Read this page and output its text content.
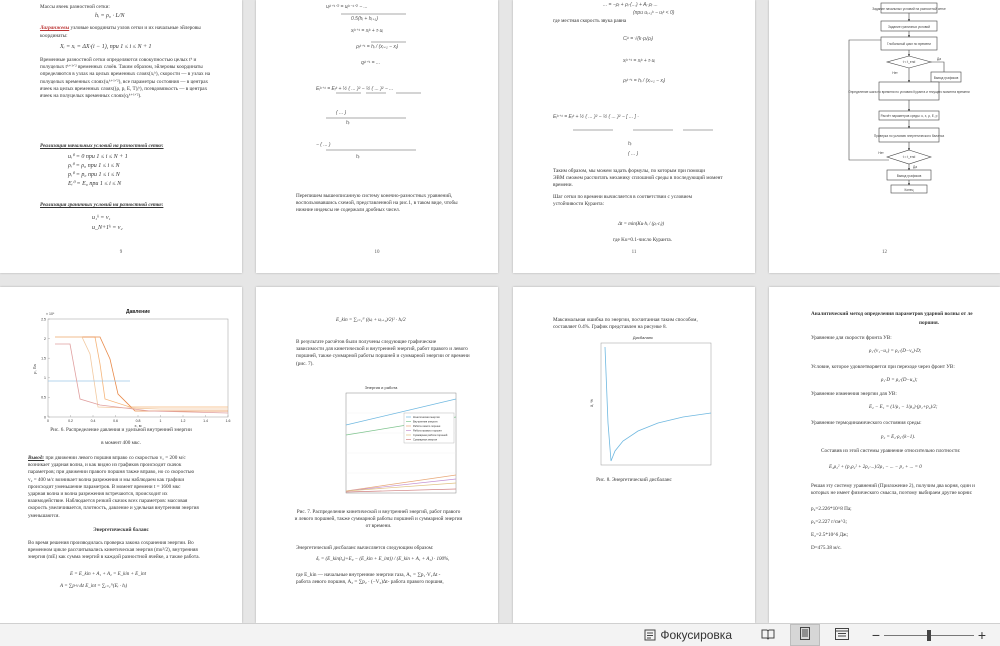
Массы ячеек разностной сетки:
hᵢ = ρ₀ · L/N
Лагранжевы узловые координаты узлов сетки и их начальные эйлеровы
координаты:
Xᵢ = xᵢ = ΔX·(i − 1), при 1 ≤ i ≤ N + 1
Временные разностной сетки определяются совокупностью целых tᵏ и
полуцелых tᵏ⁺¹ᐟ² временных слоёв. Таким образом, эйлеровы координаты
определяются в узлах на целых временных слоях(xᵢᵏ), скорости — в узлах на
полуцелых временных слоях(uᵢᵏ⁺¹ᐟ²), все параметры состояния — в центрах
ячеек на целых временных слоях((ρ, p, E, T)ᵢᵏ), псевдовязкость — в центрах
ячеек на полуцелых временных слоях(qᵢᵏ⁺¹ᐟ²).
Реализация начальных условий на разностной сетке:
uᵢ⁰ = 0 при 1 ≤ i ≤ N + 1
ρᵢ⁰ = ρ₀ при 1 ≤ i ≤ N
pᵢ⁰ = p₀ при 1 ≤ i ≤ N
Eᵢ⁰ = E₀ при 1 ≤ i ≤ N
Реализация граничных условий на разностной сетке:
u₁ᵏ = v₁
u_N+1ᵏ = v₂
9
uᵢᵏ⁺¹ᐟ² = uᵢᵏ⁻¹ᐟ² − ...
0.5(hᵢ + hᵢ₊₁)
xᵢᵏ⁺¹ = xᵢᵏ + τ·uᵢ
ρᵢᵏ⁺¹ = hᵢ / (xᵢ₊₁ − xᵢ)
qᵢᵏ⁺¹ = ...
Eᵢᵏ⁺¹ = Eᵢᵏ + ½ ( ... )² − ½ ( ... )² − ...
( ... )
hᵢ
− ( ... )
hᵢ
Перепишем вышеописанную систему конечно-разностных уравнений,
воспользовавшись схемой, представленной на рис.1, в таком виде, чтобы
нижние индексы не содержали дробных чисел.
10
... = −ρᵢ + ρᵢ·(...) + Aᵢ·ρᵢ ...
(при uᵢ₊₁ᵏ − uᵢᵏ < 0)
Cᵢᵏ = √(k·pᵢ/ρᵢ)
xᵢᵏ⁺¹ = xᵢᵏ + τ·uᵢ
ρᵢᵏ⁺¹ = hᵢ / (xᵢ₊₁ − xᵢ)
Eᵢᵏ⁺¹ = Eᵢᵏ + ½ ( ... )² − ½ ( ... )² − [ ... ] ·
hᵢ
( ... )
где местная скорость звука равна
Таким образом, мы можем задать формулы, по которым при помощи
ЭВМ сможем рассчитать механику сплошной среды в последующий момент
времени.
Шаг сетки по времени вычисляется в соответствии с условием
устойчивости Куранта:
Δt = min(Ku·hᵢ / (ρᵢ·cᵢ))
где Ku=0.1-число Куранта.
11
Задание начальных условий на разностной сетке
Задание граничных условий
Глобальный цикл по времени
t < t_end
Вывод графиков
Определение шага по времени по условию Куранта и текущего момента времени
Расчёт параметров среды: u, x, ρ, E, p
Проверка по условию энергетического баланса
t = t_end
Вывод графиков
Конец
Да
Нет
Нет
Да
12
Давление
× 10⁸
2.5
2
1.5
1
0.5
0
0	0.2	0.4	0.6	0.8	1	1.2	1.4	1.6
x, м
p, Па
Рис. 6. Распределение давления и удельной внутренней энергии
в момент 400 мкс.
Вывод: при движении левого поршня вправо со скоростью v₁ = 200 м/с
возникает ударная волна, и как видно из графиков происходит скачок
параметров; при движении правого поршня также вправо, но со скоростью
v₂ = 400 м/с возникает волна разрежения и мы наблюдаем как графики
происходит уменьшение параметров. В момент времени t = 1600 мкс
ударная волна и волна разрежения встречаются, происходит их
взаимодействие. Наблюдается резкий скачок всех параметров: массовая
скорость увеличивается, плотность, давление и удельная внутренняя энергия
уменьшаются.
Энергетический баланс
Во время решения производилась проверка закона сохранения энергии. Во
временном цикле рассчитывались кинетическая энергия (mu²/2), внутренняя
энергия (mE) как сумма энергий в каждой разностной ячейке, а также работа.
E = E_kin + A₁ + A₂ = E_kin + E_int
A = ∑p·v·Δt E_int = ∑ᵢ₌₁ᴺ(Eᵢ · hᵢ)
E_kin = ∑ᵢ₌₁ᴺ ((uᵢ + uᵢ₊₁)/2)² · hᵢ/2
В результате расчётов были получены следующие графические
зависимости для кинетической и внутренней энергий, работ правого и левого
поршней, также суммарной работы поршней и суммарной энергии от времени
(рис. 7).
Энергия и работа
Кинетическая энергия
Внутренняя энергия
Работа левого поршня
Работа правого поршня
Суммарная работа поршней
Суммарная энергия
Рис. 7. Распределение кинетической и внутренней энергий, работ правого
и левого поршней, также суммарной работы поршней и суммарной энергии
от времени.
Энергетический дисбаланс вычисляется следующим образом:
δₑ = (E_kin(t₀)+E₀ − (E_kin + E_int)) / (E_kin + A₁ + A₂) · 100%,
где E_kin — начальные внутренние энергии газа, A₁ = ∑p₁·V₁Δt -
работа левого поршня, A₂ = ∑p₂ · (−V₂)Δt- работа правого поршня,
Максимальная ошибка по энергии, посчитанная таким способом,
составляет 0.4%. График представлен на рисунке 8.
Дисбаланс
δ, %
Рис. 8. Энергетический дисбаланс
Аналитический метод определения параметров ударной волны от ле
поршня.
Уравнение для скорости фронта УВ:
ρ₁·(v₁−u₁) = ρ₂·(D−v₂)·D;
Условие, которое удовлетворяется при переходе через фронт УВ:
ρ₁·D = ρ₂·(D−u₂);
Уравнение изменения энергии для УВ:
E₂ − E₁ = (1/ρ₁ − 1/ρ₂)·(p₁+p₂)/2;
Уравнение термодинамического состояния среды:
p₂ = E₂·ρ₂·(k−1).
Составив из этой системы уравнение относительно плотности:
E₁ρ₂² + (p₁ρ₂² + 2ρ₂·...)/2ρ₁ − ... − p₁ + ... = 0
Решая эту систему уравнений (Приложение 2), получим два корня, один и
которых не имеет физического смысла, поэтому выбираем другие корни:
p₂=2.226*10^8 Па;
ρ₂=2.227 г/см^3;
E₂=2.5*10^6 Дж;
D=475.38 м/с.
Фокусировка	−	+
